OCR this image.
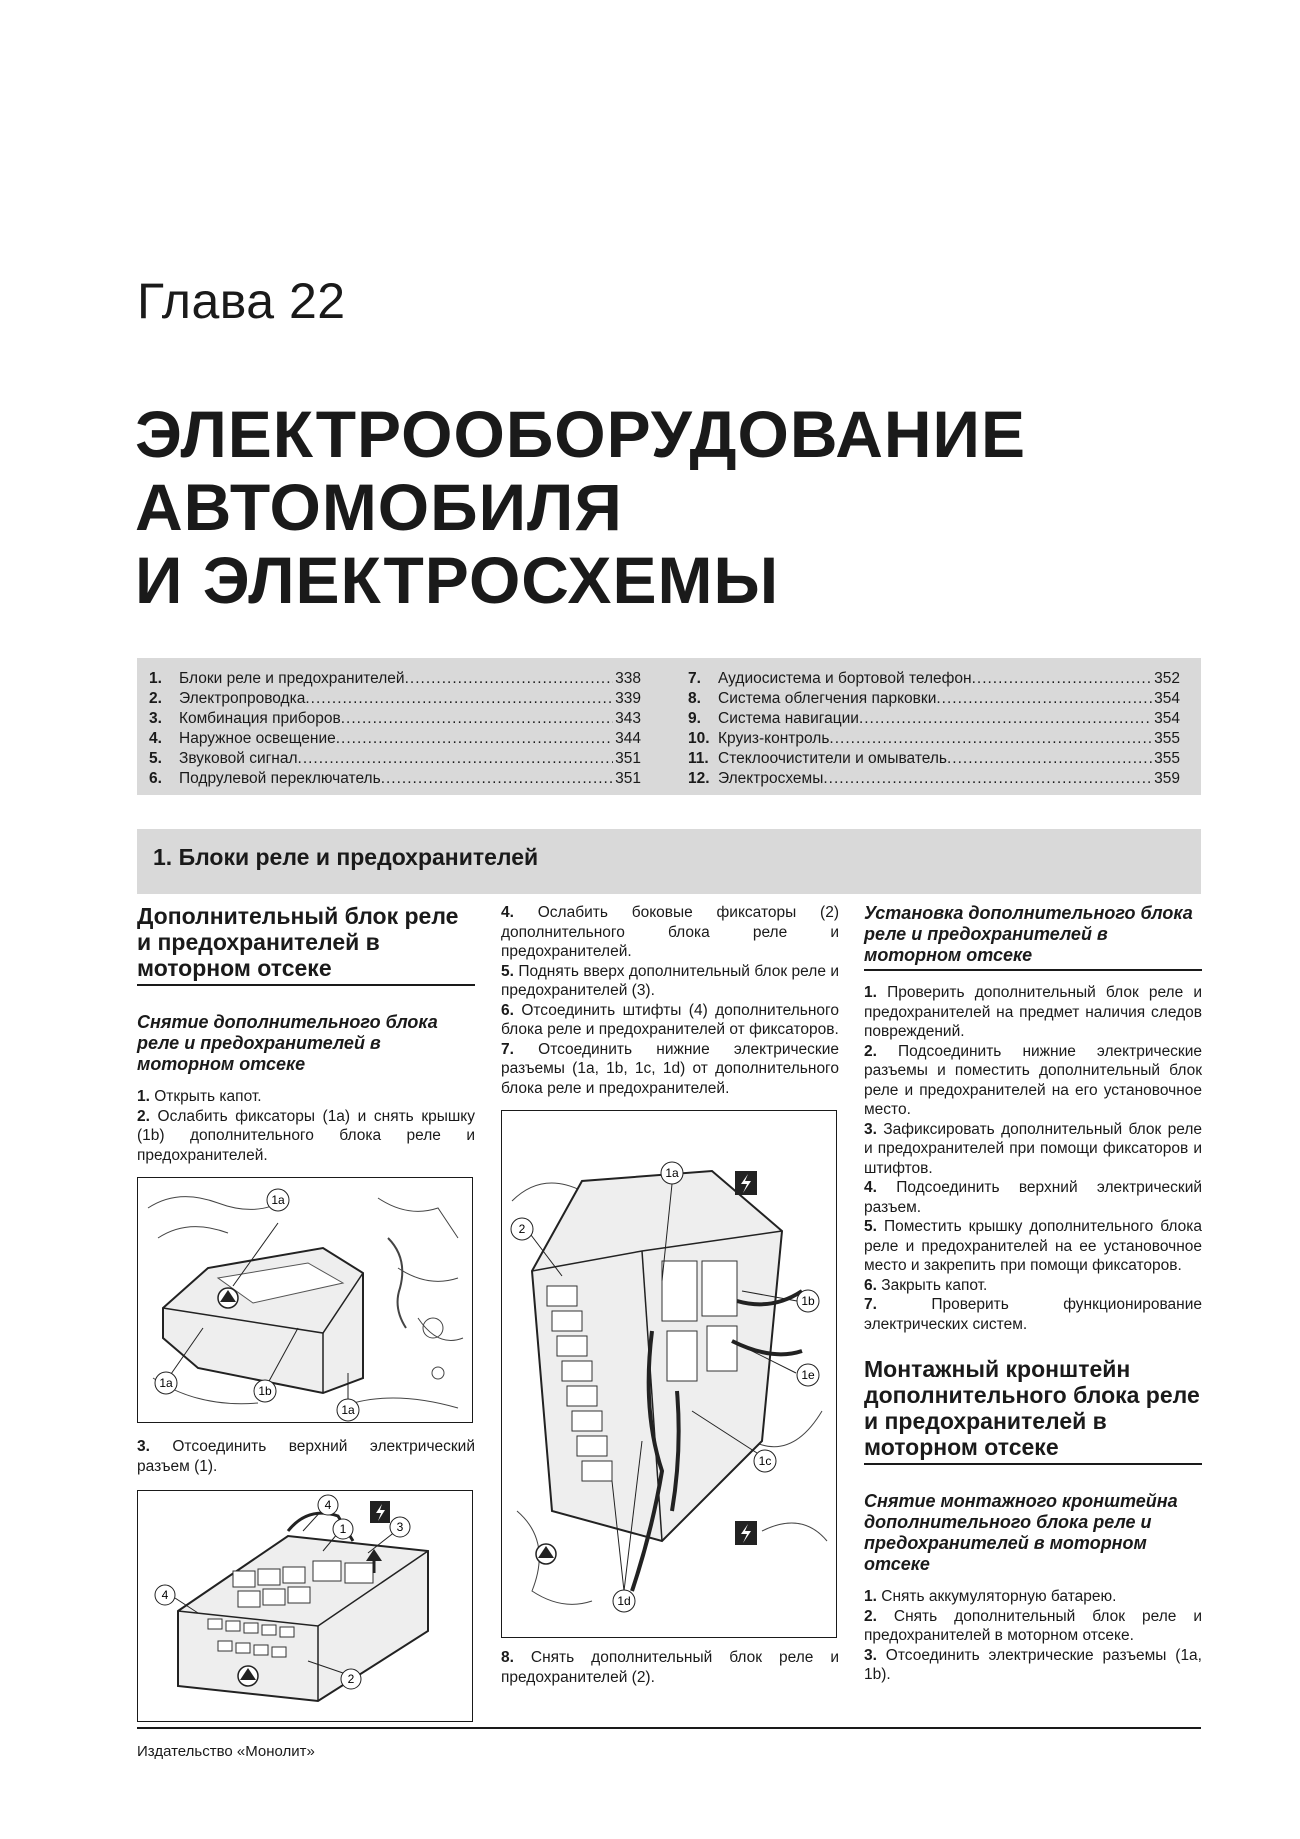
Глава 22
ЭЛЕКТРООБОРУДОВАНИЕ
АВТОМОБИЛЯ
И ЭЛЕКТРОСХЕМЫ
1.	Блоки реле и предохранителей .....	338
2.	Электропроводка .....	339
3.	Комбинация приборов .....	343
4.	Наружное освещение .....	344
5.	Звуковой сигнал .....	351
6.	Подрулевой переключатель .....	351
7.	Аудиосистема и бортовой телефон .....	352
8.	Система облегчения парковки .....	354
9.	Система навигации .....	354
10. Круиз-контроль .....	355
11. Стеклоочистители и омыватель .....	355
12. Электросхемы .....	359
1. Блоки реле и предохранителей
Дополнительный блок реле и предохранителей в моторном отсеке
Снятие дополнительного блока реле и предохранителей в моторном отсеке

1. Открыть капот.

2. Ослабить фиксаторы (1a) и снять крышку (1b) дополнительного блока реле и предохранителей.

1a
1a
1b
1a

3. Отсоединить верхний электрический разъем (1).

4
1	3
4
2

4. Ослабить боковые фиксаторы (2) дополнительного блока реле и предохранителей.

5. Поднять вверх дополнительный блок реле и предохранителей (3).

6. Отсоединить штифты (4) дополнительного блока реле и предохранителей от фиксаторов.

7. Отсоединить нижние электрические разъемы (1a, 1b, 1c, 1d) от дополнительного блока реле и предохранителей.

1a
2
1b
1e
1c
1d

8. Снять дополнительный блок реле и предохранителей (2).

Установка дополнительного блока реле и предохранителей в моторном отсеке

1. Проверить дополнительный блок реле и предохранителей на предмет наличия следов повреждений.

2. Подсоединить нижние электрические разъемы и поместить дополнительный блок реле и предохранителей на его установочное место.

3. Зафиксировать дополнительный блок реле и предохранителей при помощи фиксаторов и штифтов.

4. Подсоединить верхний электрический разъем.

5. Поместить крышку дополнительного блока реле и предохранителей на ее установочное место и закрепить при помощи фиксаторов.

6. Закрыть капот.

7.	Проверить функционирование электрических систем.

Монтажный кронштейн дополнительного блока реле и предохранителей в моторном отсеке
Снятие монтажного кронштейна дополнительного блока реле и предохранителей в моторном отсеке

1. Снять аккумуляторную батарею.

2. Снять дополнительный блок реле и предохранителей в моторном отсеке.

3. Отсоединить электрические разъемы (1a, 1b).

Издательство «Монолит»
